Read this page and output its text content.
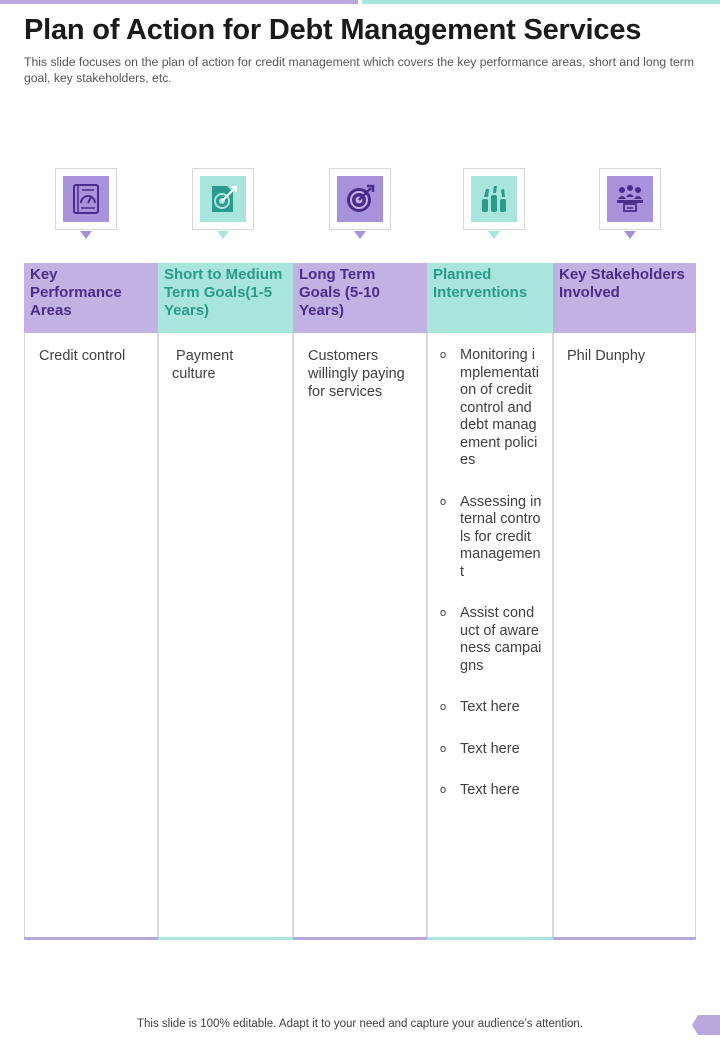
Plan of Action for Debt Management Services
This slide focuses on the plan of action for credit management which covers the key performance areas, short and long term goal, key stakeholders, etc.
Key Performance Areas
Credit control
Short to Medium Term Goals(1-5 Years)
Payment culture
Long Term Goals (5-10 Years)
Customers willingly paying for services
Planned Interventions
o Monitoring implementation of credit control and debt management policies
o Assessing internal controls for credit management
o Assist conduct of awareness campaigns
o Text here
o Text here
o Text here
Key Stakeholders Involved
Phil Dunphy
This slide is 100% editable. Adapt it to your need and capture your audience’s attention.
